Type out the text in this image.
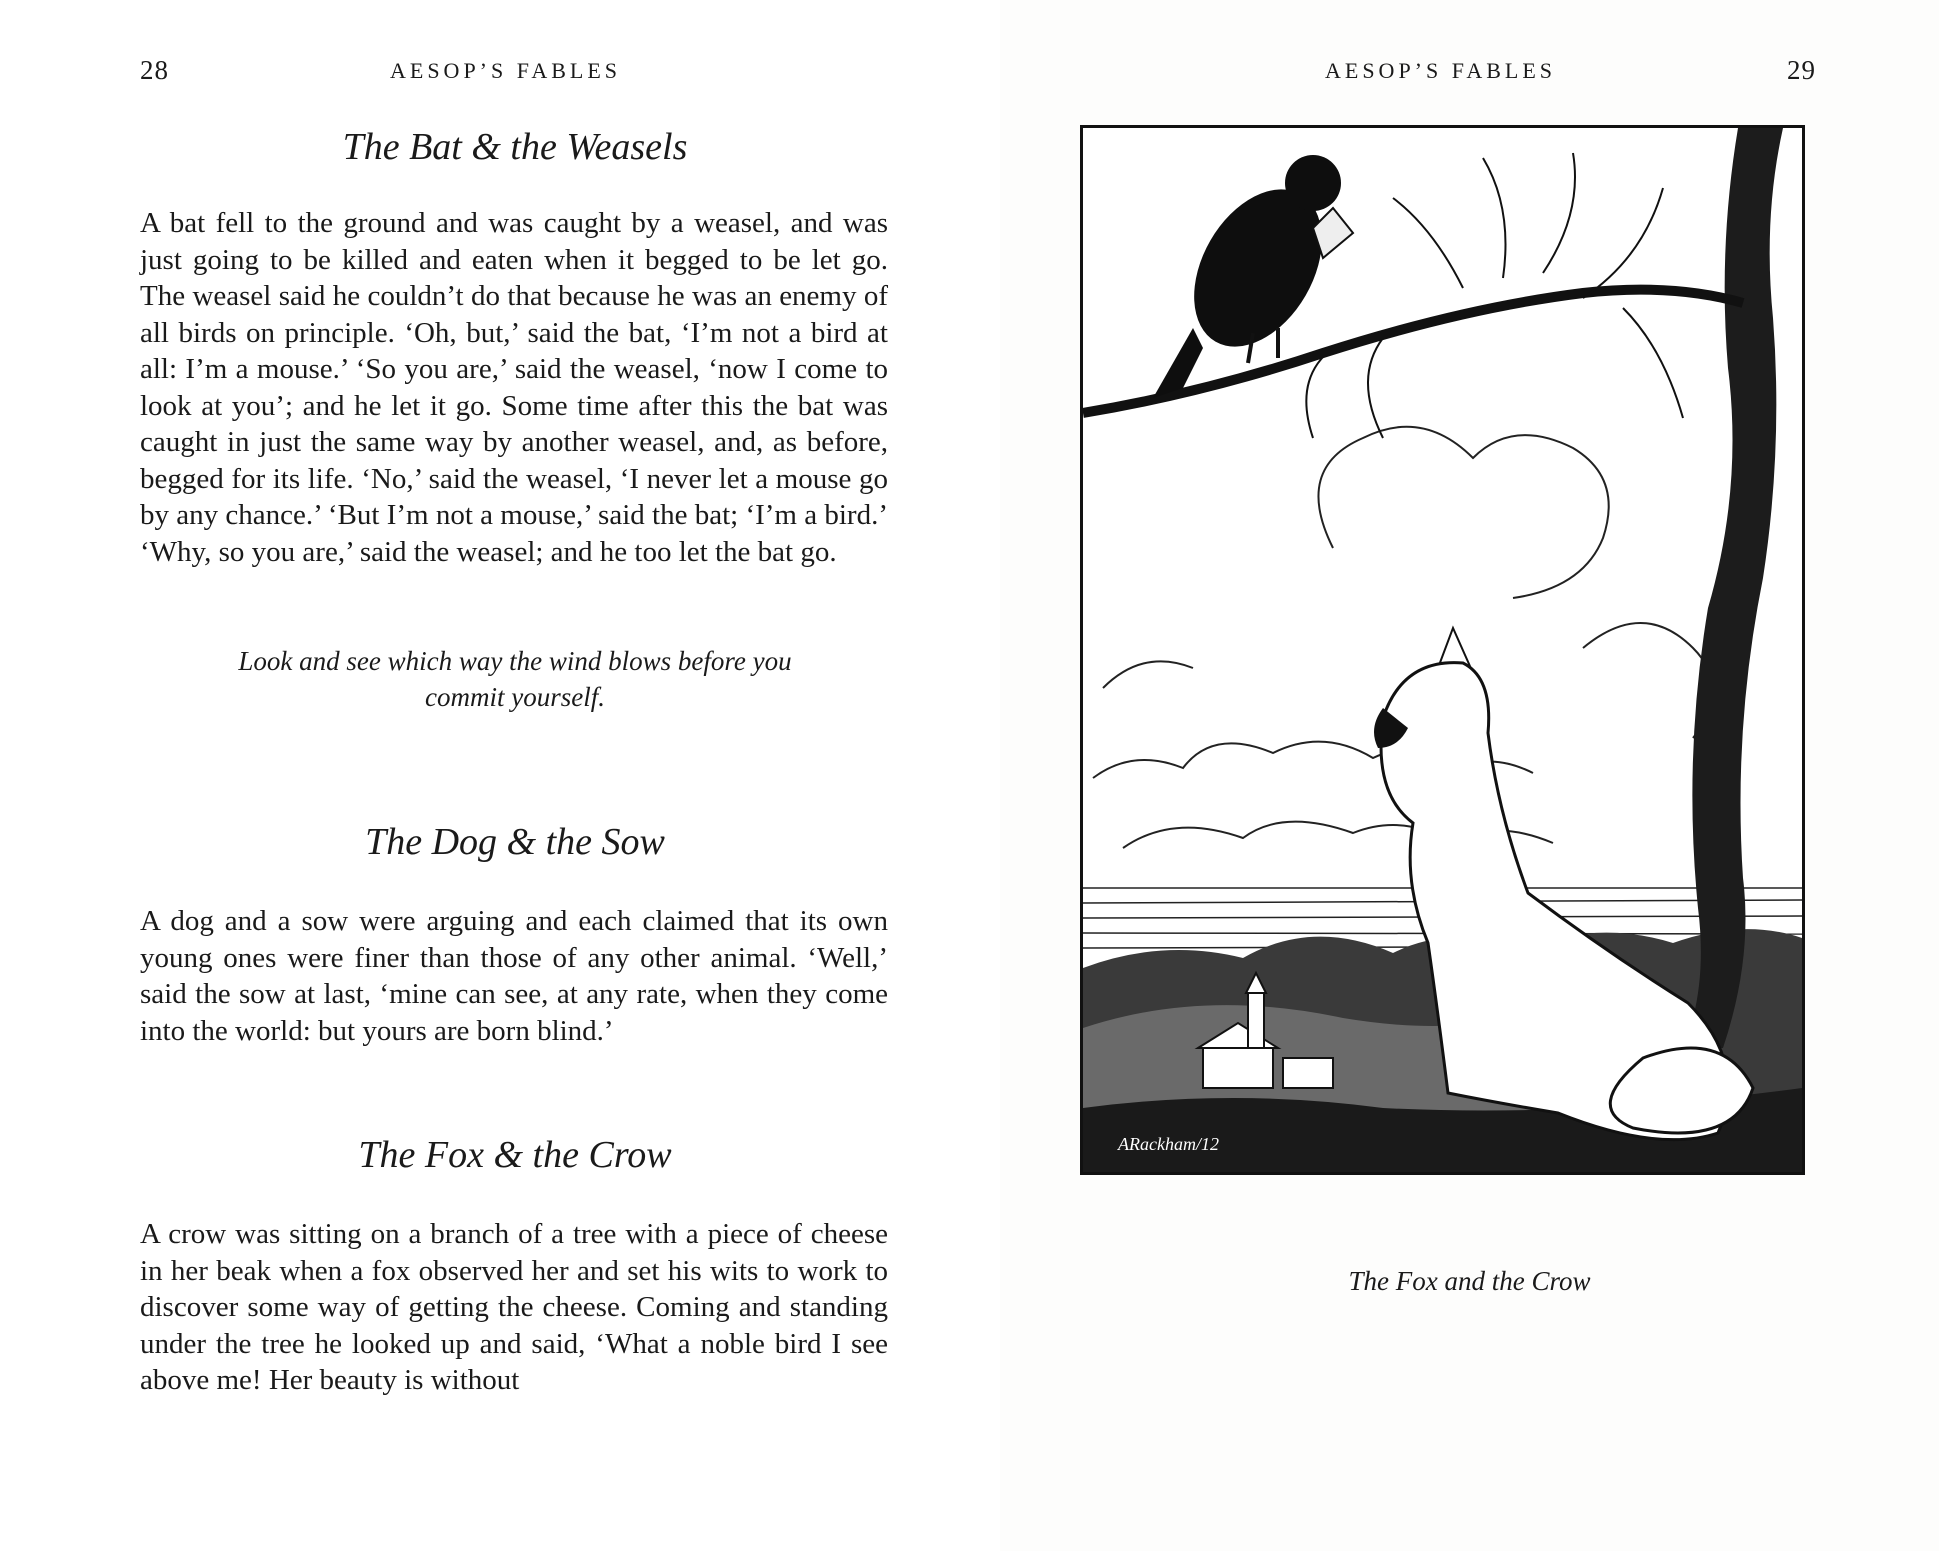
28	AESOP’S FABLES
The Bat & the Weasels

A bat fell to the ground and was caught by a weasel, and was just going to be killed and eaten when it begged to be let go. The weasel said he couldn’t do that because he was an enemy of all birds on principle. ‘Oh, but,’ said the bat, ‘I’m not a bird at all: I’m a mouse.’ ‘So you are,’ said the weasel, ‘now I come to look at you’; and he let it go. Some time after this the bat was caught in just the same way by another weasel, and, as before, begged for its life. ‘No,’ said the weasel, ‘I never let a mouse go by any chance.’ ‘But I’m not a mouse,’ said the bat; ‘I’m a bird.’ ‘Why, so you are,’ said the weasel; and he too let the bat go.

Look and see which way the wind blows before you commit yourself.

The Dog & the Sow

A dog and a sow were arguing and each claimed that its own young ones were finer than those of any other animal. ‘Well,’ said the sow at last, ‘mine can see, at any rate, when they come into the world: but yours are born blind.’

The Fox & the Crow

A crow was sitting on a branch of a tree with a piece of cheese in her beak when a fox observed her and set his wits to work to discover some way of getting the cheese. Coming and standing under the tree he looked up and said, ‘What a noble bird I see above me! Her beauty is without

AESOP’S FABLES	29
ARackham/12

The Fox and the Crow
